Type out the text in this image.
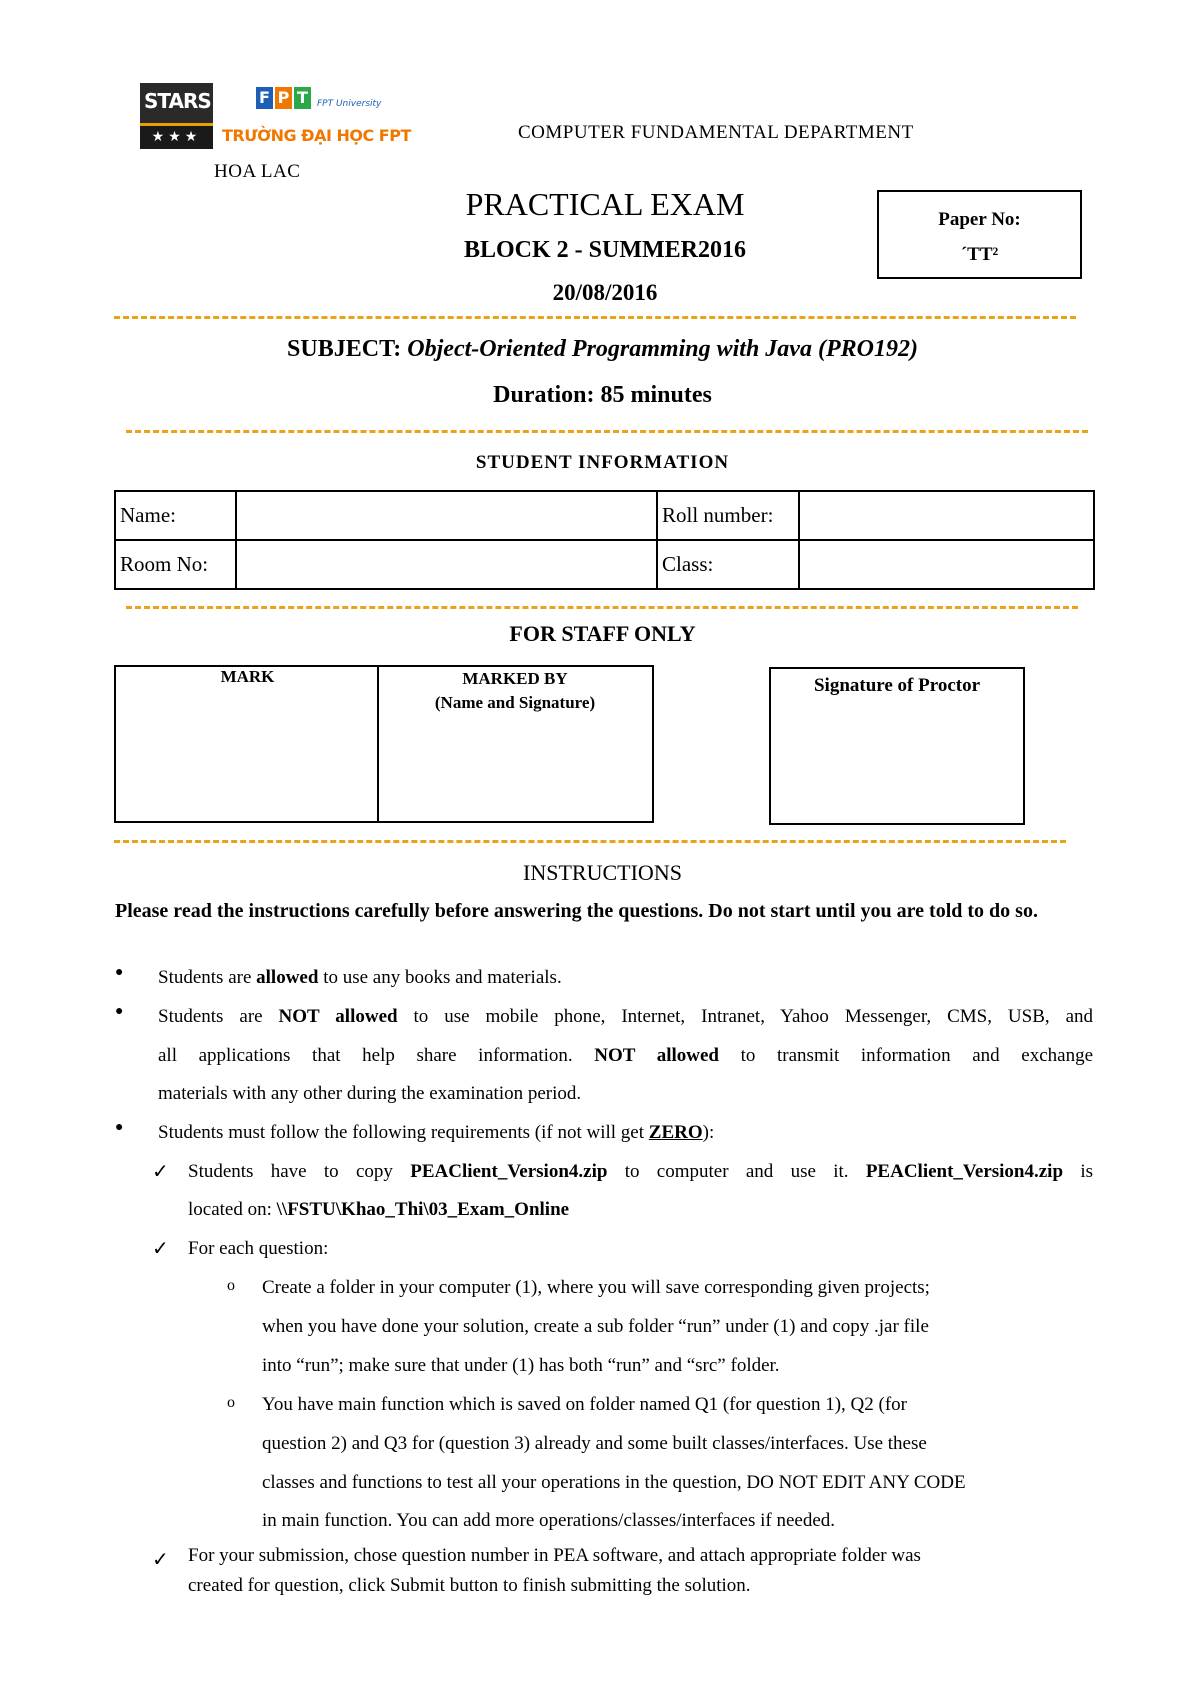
STARS
★★★
F P T FPT University
TRƯỜNG ĐẠI HỌC FPT	COMPUTER FUNDAMENTAL DEPARTMENT
HOA LAC
PRACTICAL EXAM
BLOCK 2 - SUMMER2016
20/08/2016
Paper No:
´TT²
SUBJECT: Object-Oriented Programming with Java (PRO192)
Duration: 85 minutes
STUDENT INFORMATION
Name:		Roll number:	
Room No:		Class:	
FOR STAFF ONLY
MARK	MARKED BY
(Name and Signature)
Signature of Proctor
INSTRUCTIONS
Please read the instructions carefully before answering the questions. Do not start until you are told to do so.
● Students are allowed to use any books and materials.
● Students are NOT allowed to use mobile phone, Internet, Intranet, Yahoo Messenger, CMS, USB, and
all applications that help share information. NOT allowed to transmit information and exchange
materials with any other during the examination period.
● Students must follow the following requirements (if not will get ZERO):
✓ Students have to copy PEAClient_Version4.zip to computer and use it. PEAClient_Version4.zip is
located on: \\FSTU\Khao_Thi\03_Exam_Online
✓ For each question:
o Create a folder in your computer (1), where you will save corresponding given projects;
when you have done your solution, create a sub folder “run” under (1) and copy .jar file
into “run”; make sure that under (1) has both “run” and “src” folder.
o You have main function which is saved on folder named Q1 (for question 1), Q2 (for
question 2) and Q3 for (question 3) already and some built classes/interfaces. Use these
classes and functions to test all your operations in the question, DO NOT EDIT ANY CODE
in main function. You can add more operations/classes/interfaces if needed.
✓ For your submission, chose question number in PEA software, and attach appropriate folder was
created for question, click Submit button to finish submitting the solution.
